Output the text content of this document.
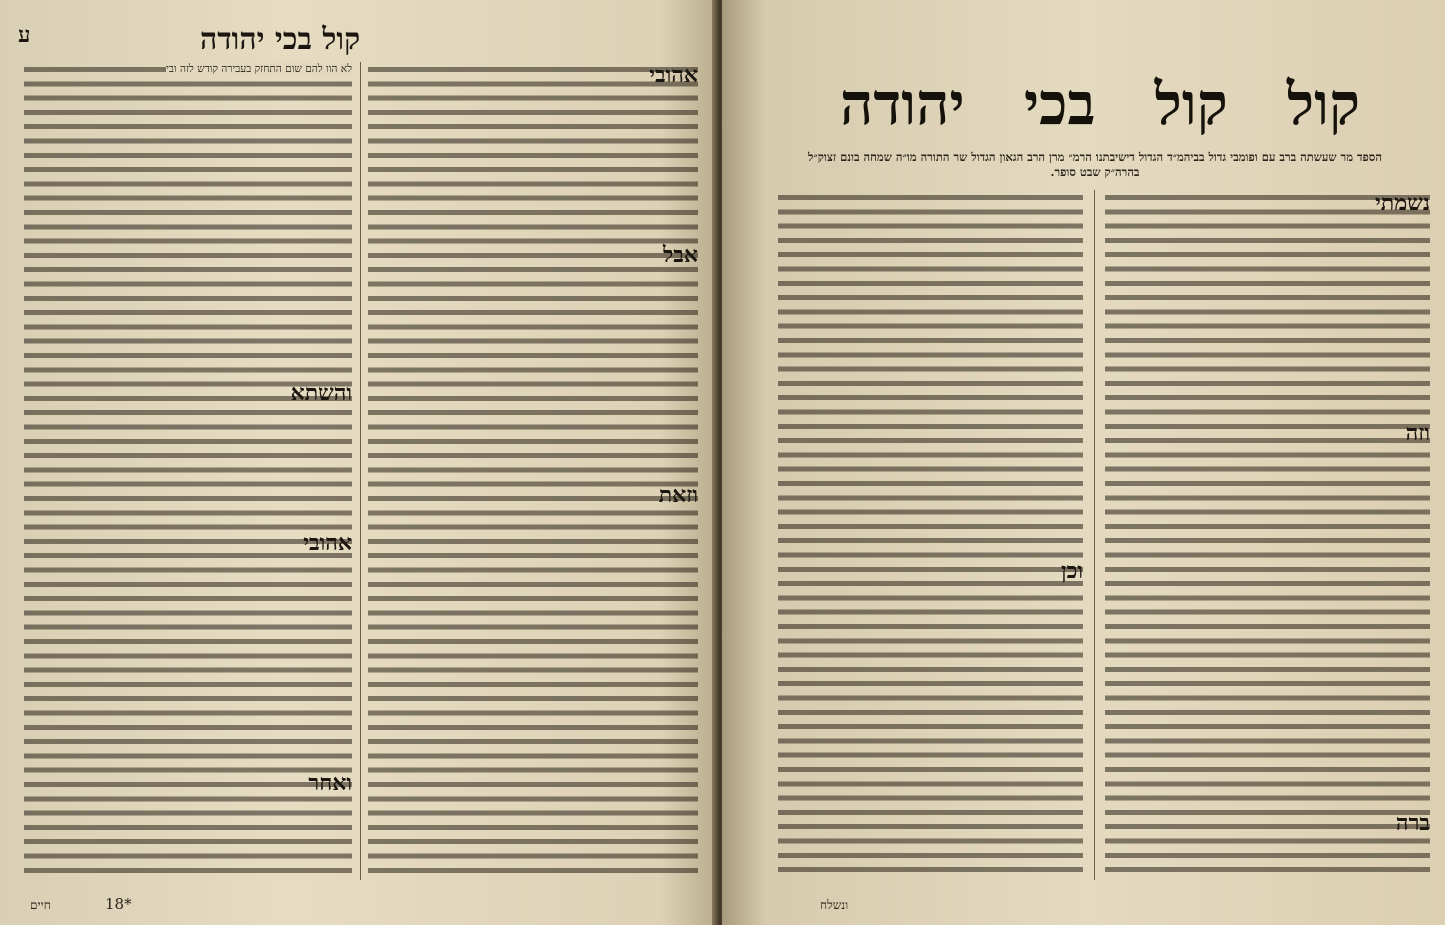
ע	קול בכי יהודה

אהובי

אבל

וזאת

לא הוו להם שום התחזק בעבירה קודש לזה ובי

והשתא

אהובי

ואחר

חיים	18*
קול
קול
בכי
יהודה
הספד מר שעשתה ברב עם ופומבי גדול בביהמ״ד הגדול דישיבתנו הרמ״ מרן הרב הגאון הגדול שר התורה מו״ה שמחה בונם זצוק״ל בהרה״ק שבט סופר.

נשמתי

וזה

ברה

וכן

ונשלח
